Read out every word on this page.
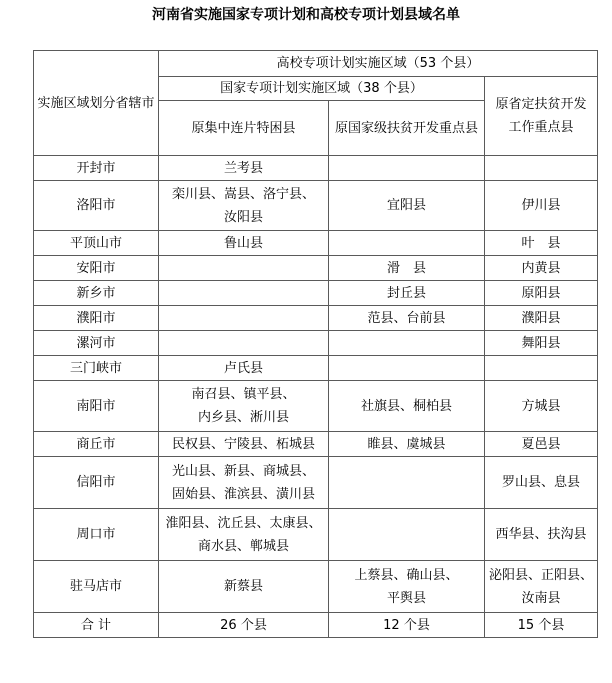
河南省实施国家专项计划和高校专项计划县域名单
实施区域划分省辖市	高校专项计划实施区域（53 个县）		
	国家专项计划实施区域（38 个县）		原省定扶贫开发
工作重点县

	原集中连片特困县	原国家级扶贫开发重点县	
开封市	兰考县		

洛阳市	栾川县、嵩县、洛宁县、
汝阳县	宜阳县	伊川县

平顶山市	鲁山县		叶　县

安阳市		滑　县	内黄县

新乡市		封丘县	原阳县

濮阳市		范县、台前县	濮阳县

漯河市			舞阳县

三门峡市	卢氏县		

南阳市	南召县、镇平县、
内乡县、淅川县	社旗县、桐柏县	方城县

商丘市	民权县、宁陵县、柘城县	睢县、虞城县	夏邑县

信阳市	光山县、新县、商城县、
固始县、淮滨县、潢川县		罗山县、息县

周口市	淮阳县、沈丘县、太康县、
商水县、郸城县		西华县、扶沟县

驻马店市	新蔡县	上蔡县、确山县、
平舆县	泌阳县、正阳县、
汝南县

合 计	26 个县	12 个县	15 个县
